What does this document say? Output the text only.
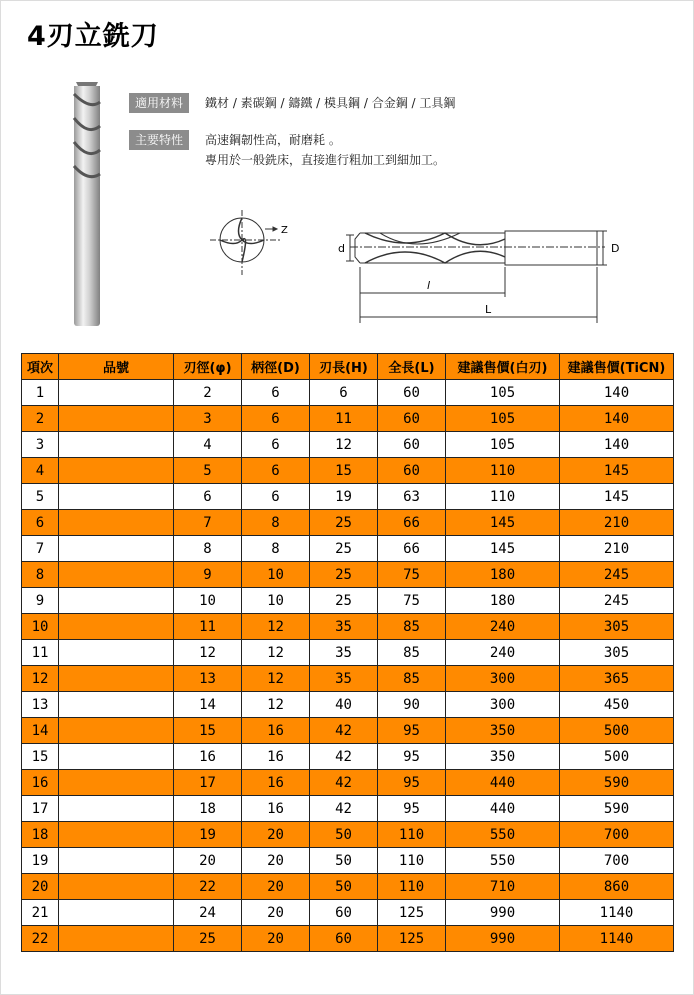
4刃立銑刀
適用材料	鐵材 / 素碳鋼 / 鑄鐵 / 模具鋼 / 合金鋼 / 工具鋼
主要特性	高速鋼韌性高，耐磨耗 。
專用於一般銑床，直接進行粗加工到細加工。
Z
d	D
l
L
項次	品號	刃徑(φ)	柄徑(D)	刃長(H)	全長(L)	建議售價(白刃)	建議售價(TiCN)
1		2	6	6	60	105	140
2		3	6	11	60	105	140
3		4	6	12	60	105	140
4		5	6	15	60	110	145
5		6	6	19	63	110	145
6		7	8	25	66	145	210
7		8	8	25	66	145	210
8		9	10	25	75	180	245
9		10	10	25	75	180	245
10		11	12	35	85	240	305
11		12	12	35	85	240	305
12		13	12	35	85	300	365
13		14	12	40	90	300	450
14		15	16	42	95	350	500
15		16	16	42	95	350	500
16		17	16	42	95	440	590
17		18	16	42	95	440	590
18		19	20	50	110	550	700
19		20	20	50	110	550	700
20		22	20	50	110	710	860
21		24	20	60	125	990	1140
22		25	20	60	125	990	1140
